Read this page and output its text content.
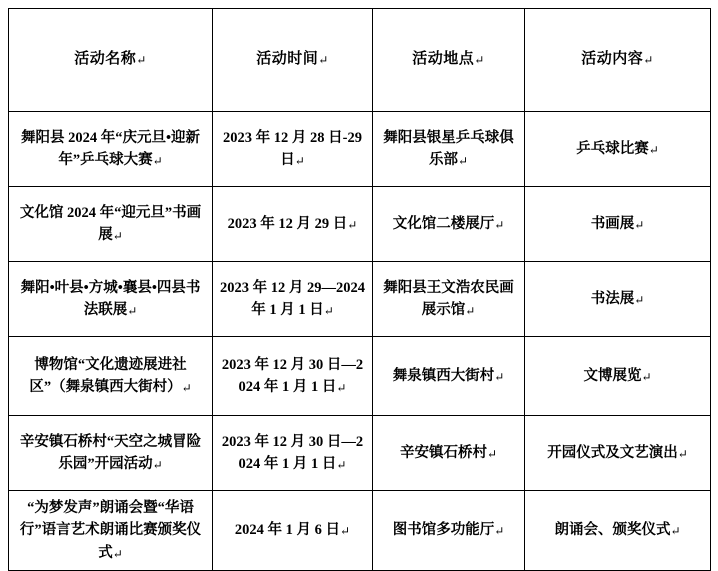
活动名称↵	活动时间↵	活动地点↵	活动内容↵
舞阳县 2024 年“庆元旦•迎新年”乒乓球大赛↵	2023 年 12 月 28 日-29 日↵	舞阳县银星乒乓球俱乐部↵	乒乓球比赛↵
文化馆 2024 年“迎元旦”书画展↵	2023 年 12 月 29 日↵	文化馆二楼展厅↵	书画展↵
舞阳•叶县•方城•襄县•四县书法联展↵	2023 年 12 月 29—2024 年 1 月 1 日↵	舞阳县王文浩农民画展示馆↵	书法展↵
博物馆“文化遗迹展进社区”（舞泉镇西大街村）↵	2023 年 12 月 30 日—2024 年 1 月 1 日↵	舞泉镇西大街村↵	文博展览↵
辛安镇石桥村“天空之城冒险乐园”开园活动↵	2023 年 12 月 30 日—2024 年 1 月 1 日↵	辛安镇石桥村↵	开园仪式及文艺演出↵
“为梦发声”朗诵会暨“华语行”语言艺术朗诵比赛颁奖仪式↵	2024 年 1 月 6 日↵	图书馆多功能厅↵	朗诵会、颁奖仪式↵
